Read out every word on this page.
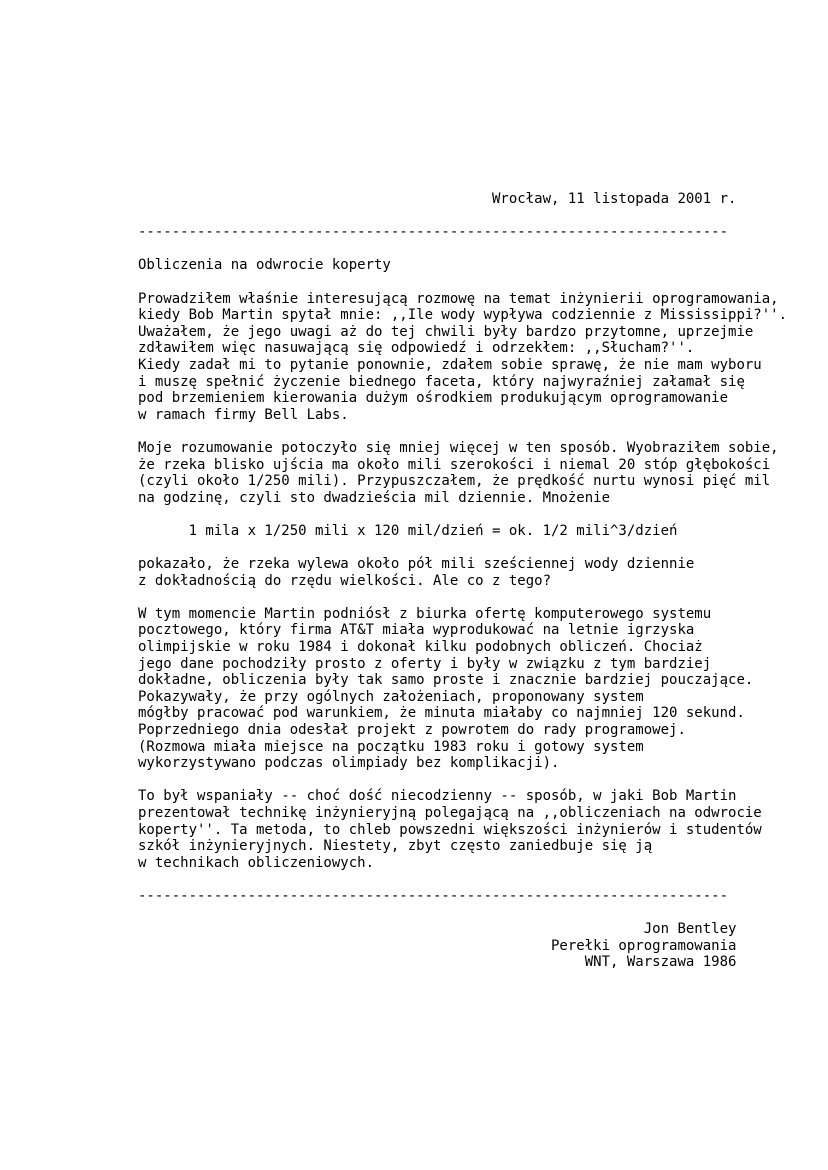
Wrocław, 11 listopada 2001 r.
----------------------------------------------------------------------
Obliczenia na odwrocie koperty
Prowadziłem właśnie interesującą rozmowę na temat inżynierii oprogramowania,
kiedy Bob Martin spytał mnie: ,,Ile wody wypływa codziennie z Mississippi?''.
Uważałem, że jego uwagi aż do tej chwili były bardzo przytomne, uprzejmie
zdławiłem więc nasuwającą się odpowiedź i odrzekłem: ,,Słucham?''.
Kiedy zadał mi to pytanie ponownie, zdałem sobie sprawę, że nie mam wyboru
i muszę spełnić życzenie biednego faceta, który najwyraźniej załamał się
pod brzemieniem kierowania dużym ośrodkiem produkującym oprogramowanie
w ramach firmy Bell Labs.
Moje rozumowanie potoczyło się mniej więcej w ten sposób. Wyobraziłem sobie,
że rzeka blisko ujścia ma około mili szerokości i niemal 20 stóp głębokości
(czyli około 1/250 mili). Przypuszczałem, że prędkość nurtu wynosi pięć mil
na godzinę, czyli sto dwadzieścia mil dziennie. Mnożenie
1 mila x 1/250 mili x 120 mil/dzień = ok. 1/2 mili^3/dzień
pokazało, że rzeka wylewa około pół mili sześciennej wody dziennie
z dokładnością do rzędu wielkości. Ale co z tego?
W tym momencie Martin podniósł z biurka ofertę komputerowego systemu
pocztowego, który firma AT&T miała wyprodukować na letnie igrzyska
olimpijskie w roku 1984 i dokonał kilku podobnych obliczeń. Chociaż
jego dane pochodziły prosto z oferty i były w związku z tym bardziej
dokładne, obliczenia były tak samo proste i znacznie bardziej pouczające.
Pokazywały, że przy ogólnych założeniach, proponowany system
mógłby pracować pod warunkiem, że minuta miałaby co najmniej 120 sekund.
Poprzedniego dnia odesłał projekt z powrotem do rady programowej.
(Rozmowa miała miejsce na początku 1983 roku i gotowy system
wykorzystywano podczas olimpiady bez komplikacji).
To był wspaniały -- choć dość niecodzienny -- sposób, w jaki Bob Martin
prezentował technikę inżynieryjną polegającą na ,,obliczeniach na odwrocie
koperty''. Ta metoda, to chleb powszedni większości inżynierów i studentów
szkół inżynieryjnych. Niestety, zbyt często zaniedbuje się ją
w technikach obliczeniowych.
----------------------------------------------------------------------
Jon Bentley
Perełki oprogramowania
WNT, Warszawa 1986
